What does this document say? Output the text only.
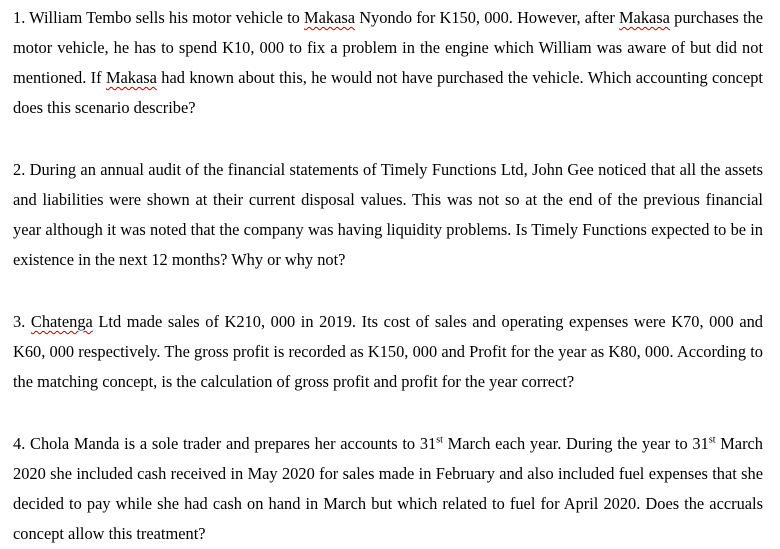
1. William Tembo sells his motor vehicle to Makasa Nyondo for K150, 000. However, after Makasa purchases the motor vehicle, he has to spend K10, 000 to fix a problem in the engine which William was aware of but did not mentioned. If Makasa had known about this, he would not have purchased the vehicle. Which accounting concept does this scenario describe?

2. During an annual audit of the financial statements of Timely Functions Ltd, John Gee noticed that all the assets and liabilities were shown at their current disposal values. This was not so at the end of the previous financial year although it was noted that the company was having liquidity problems. Is Timely Functions expected to be in existence in the next 12 months? Why or why not?

3. Chatenga Ltd made sales of K210, 000 in 2019. Its cost of sales and operating expenses were K70, 000 and K60, 000 respectively. The gross profit is recorded as K150, 000 and Profit for the year as K80, 000. According to the matching concept, is the calculation of gross profit and profit for the year correct?

4. Chola Manda is a sole trader and prepares her accounts to 31st March each year. During the year to 31st March 2020 she included cash received in May 2020 for sales made in February and also included fuel expenses that she decided to pay while she had cash on hand in March but which related to fuel for April 2020. Does the accruals concept allow this treatment?
